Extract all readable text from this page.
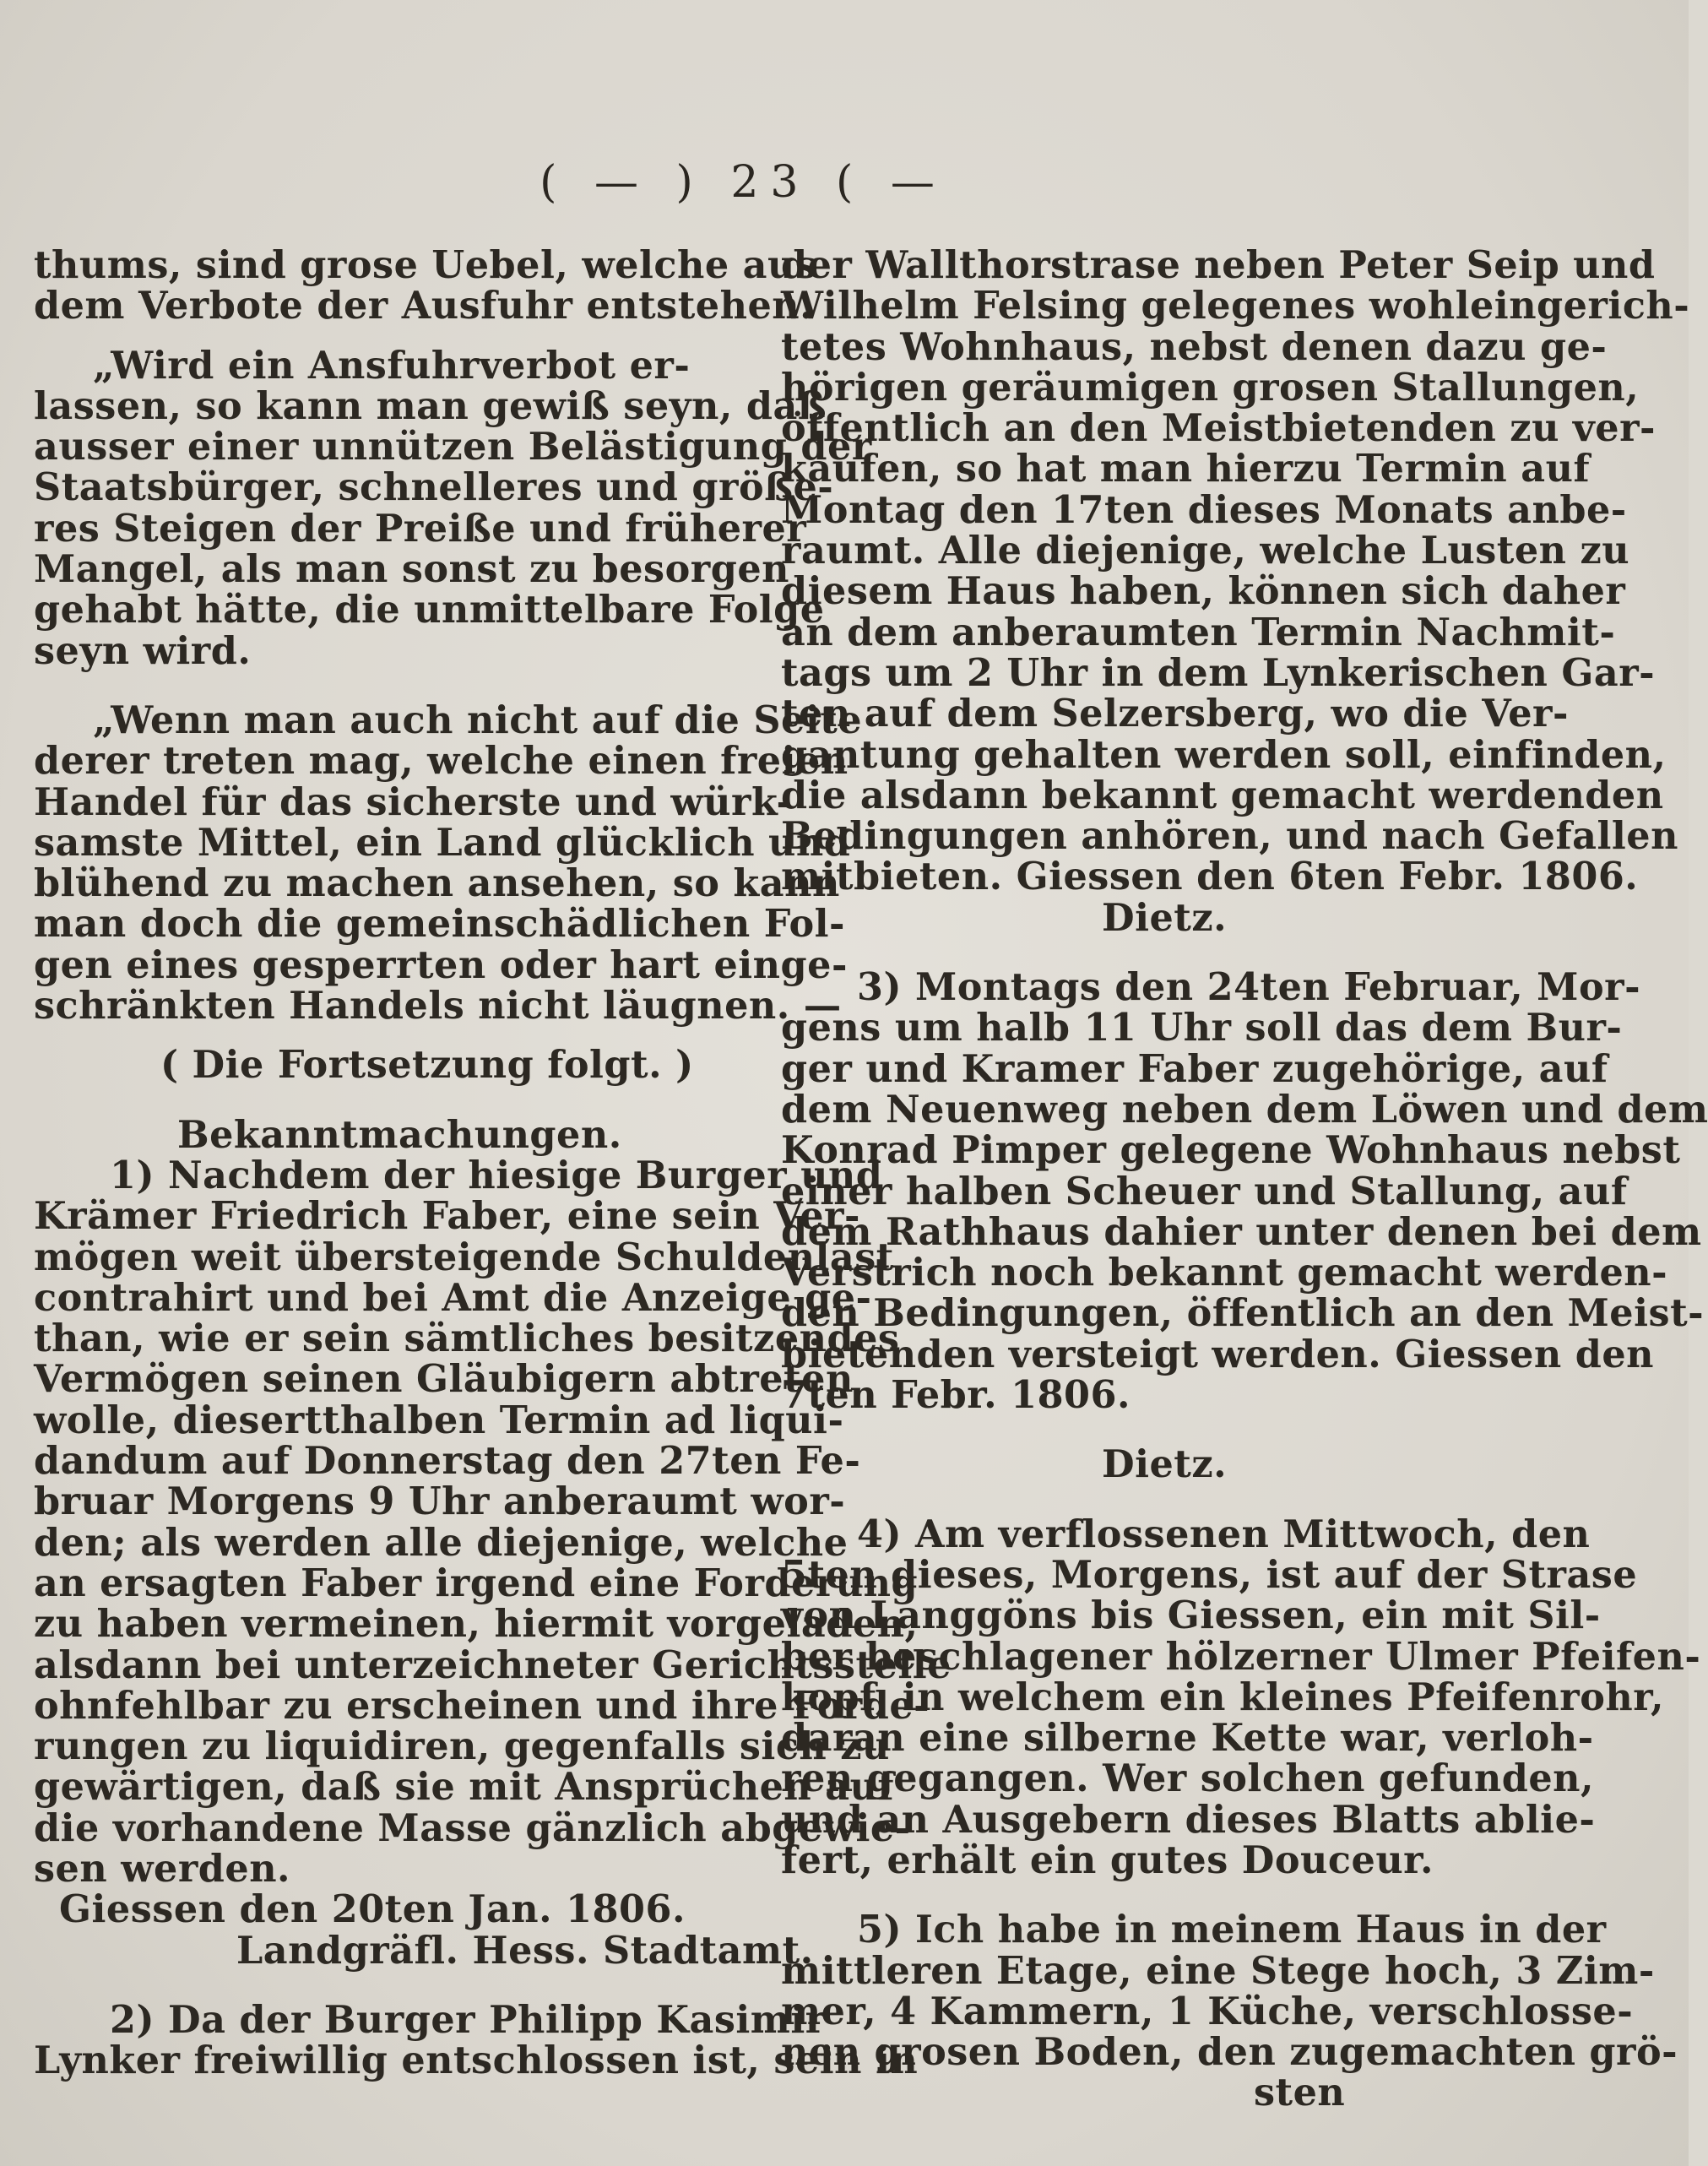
( — ) 23 ( —
thums, sind grose Uebel, welche aus
dem Verbote der Ausfuhr entstehen.
„Wird ein Ansfuhrverbot er-
lassen, so kann man gewiß seyn, daß
ausser einer unnützen Belästigung der
Staatsbürger, schnelleres und größe-
res Steigen der Preiße und früherer
Mangel, als man sonst zu besorgen
gehabt hätte, die unmittelbare Folge
seyn wird.
„Wenn man auch nicht auf die Seite
derer treten mag, welche einen freien
Handel für das sicherste und würk-
samste Mittel, ein Land glücklich und
blühend zu machen ansehen, so kann
man doch die gemeinschädlichen Fol-
gen eines gesperrten oder hart einge-
schränkten Handels nicht läugnen. —
( Die Fortsetzung folgt. )
Bekanntmachungen.
1) Nachdem der hiesige Burger und
Krämer Friedrich Faber, eine sein Ver-
mögen weit übersteigende Schuldenlast
contrahirt und bei Amt die Anzeige ge-
than, wie er sein sämtliches besitzendes
Vermögen seinen Gläubigern abtreten
wolle, diesertthalben Termin ad liqui-
dandum auf Donnerstag den 27ten Fe-
bruar Morgens 9 Uhr anberaumt wor-
den; als werden alle diejenige, welche
an ersagten Faber irgend eine Forderung
zu haben vermeinen, hiermit vorgeladen,
alsdann bei unterzeichneter Gerichtsstelle
ohnfehlbar zu erscheinen und ihre Forde-
rungen zu liquidiren, gegenfalls sich zu
gewärtigen, daß sie mit Ansprüchen auf
die vorhandene Masse gänzlich abgewie-
sen werden.
Giessen den 20ten Jan. 1806.
Landgräfl. Hess. Stadtamt.
2) Da der Burger Philipp Kasimir
Lynker freiwillig entschlossen ist, sein in
der Wallthorstrase neben Peter Seip und
Wilhelm Felsing gelegenes wohleingerich-
tetes Wohnhaus, nebst denen dazu ge-
hörigen geräumigen grosen Stallungen,
öffentlich an den Meistbietenden zu ver-
kaufen, so hat man hierzu Termin auf
Montag den 17ten dieses Monats anbe-
raumt. Alle diejenige, welche Lusten zu
diesem Haus haben, können sich daher
an dem anberaumten Termin Nachmit-
tags um 2 Uhr in dem Lynkerischen Gar-
ten auf dem Selzersberg, wo die Ver-
gantung gehalten werden soll, einfinden,
die alsdann bekannt gemacht werdenden
Bedingungen anhören, und nach Gefallen
mitbieten. Giessen den 6ten Febr. 1806.
Dietz.
3) Montags den 24ten Februar, Mor-
gens um halb 11 Uhr soll das dem Bur-
ger und Kramer Faber zugehörige, auf
dem Neuenweg neben dem Löwen und dem
Konrad Pimper gelegene Wohnhaus nebst
einer halben Scheuer und Stallung, auf
dem Rathhaus dahier unter denen bei dem
Verstrich noch bekannt gemacht werden-
den Bedingungen, öffentlich an den Meist-
bietenden versteigt werden. Giessen den
7ten Febr. 1806.
Dietz.
4) Am verflossenen Mittwoch, den
5ten dieses, Morgens, ist auf der Strase
von Langgöns bis Giessen, ein mit Sil-
ber beschlagener hölzerner Ulmer Pfeifen-
kopf, in welchem ein kleines Pfeifenrohr,
daran eine silberne Kette war, verloh-
ren gegangen. Wer solchen gefunden,
und an Ausgebern dieses Blatts ablie-
fert, erhält ein gutes Douceur.
5) Ich habe in meinem Haus in der
mittleren Etage, eine Stege hoch, 3 Zim-
mer, 4 Kammern, 1 Küche, verschlosse-
nen grosen Boden, den zugemachten grö-
sten
